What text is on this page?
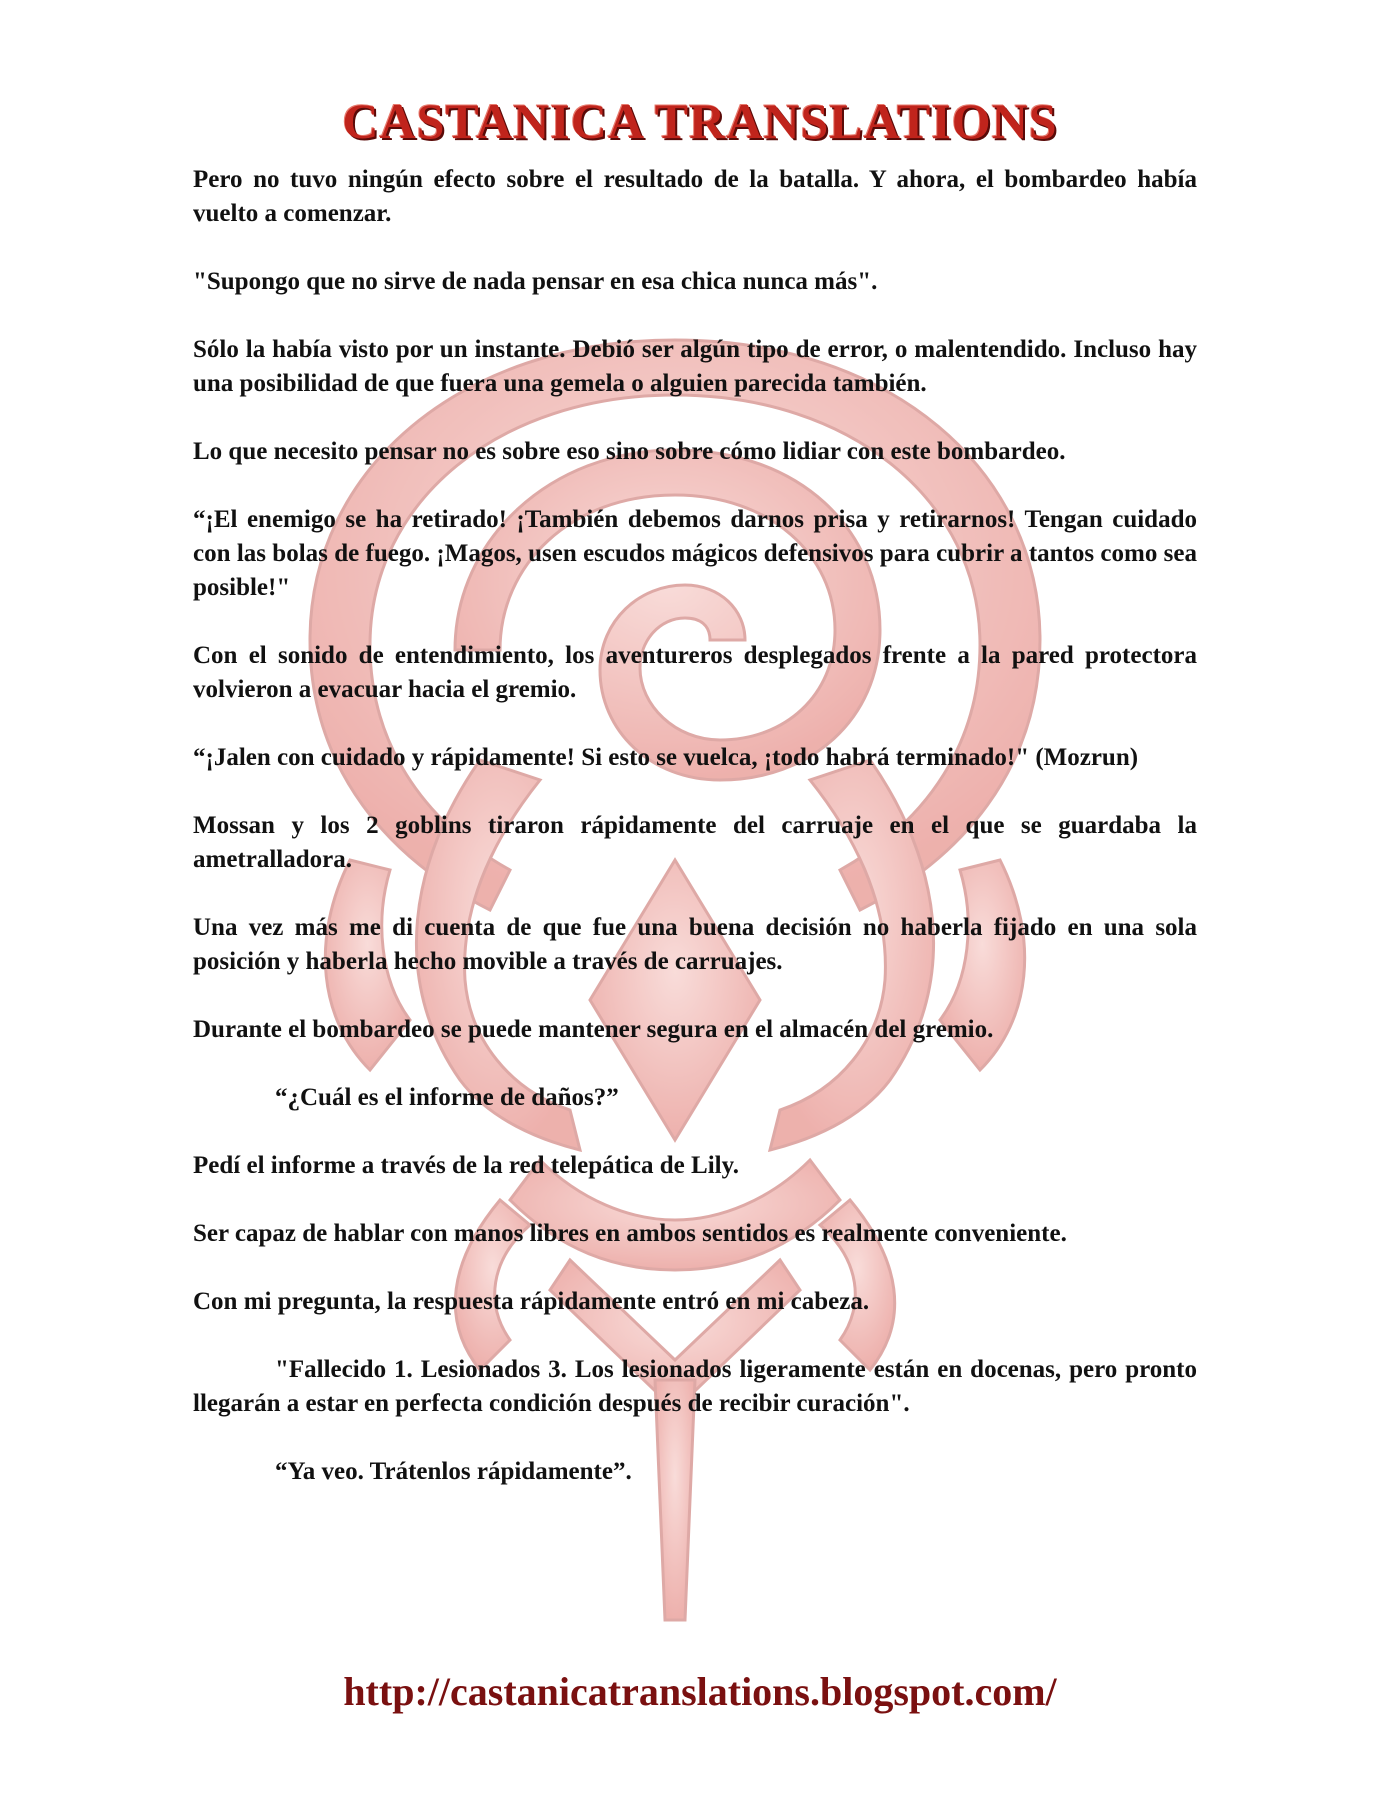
CASTANICA TRANSLATIONS

Pero no tuvo ningún efecto sobre el resultado de la batalla. Y ahora, el bombardeo había vuelto a comenzar.

"Supongo que no sirve de nada pensar en esa chica nunca más".

Sólo la había visto por un instante. Debió ser algún tipo de error, o malentendido. Incluso hay una posibilidad de que fuera una gemela o alguien parecida también.

Lo que necesito pensar no es sobre eso sino sobre cómo lidiar con este bombardeo.

“¡El enemigo se ha retirado! ¡También debemos darnos prisa y retirarnos! Tengan cuidado con las bolas de fuego. ¡Magos, usen escudos mágicos defensivos para cubrir a tantos como sea posible!"

Con el sonido de entendimiento, los aventureros desplegados frente a la pared protectora volvieron a evacuar hacia el gremio.

“¡Jalen con cuidado y rápidamente! Si esto se vuelca, ¡todo habrá terminado!" (Mozrun)

Mossan y los 2 goblins tiraron rápidamente del carruaje en el que se guardaba la ametralladora.

Una vez más me di cuenta de que fue una buena decisión no haberla fijado en una sola posición y haberla hecho movible a través de carruajes.

Durante el bombardeo se puede mantener segura en el almacén del gremio.

“¿Cuál es el informe de daños?”

Pedí el informe a través de la red telepática de Lily.

Ser capaz de hablar con manos libres en ambos sentidos es realmente conveniente.

Con mi pregunta, la respuesta rápidamente entró en mi cabeza.

"Fallecido 1. Lesionados 3. Los lesionados ligeramente están en docenas, pero pronto llegarán a estar en perfecta condición después de recibir curación".

“Ya veo. Trátenlos rápidamente”.

http://castanicatranslations.blogspot.com/
